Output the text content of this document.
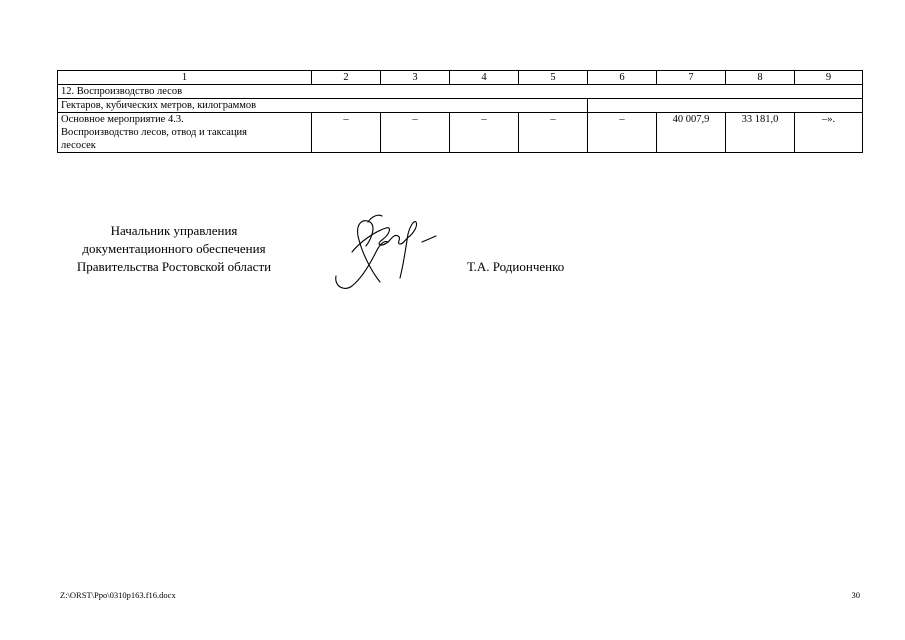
1	2	3	4	5	6	7	8	9
12. Воспроизводство лесов								
Гектаров, кубических метров, килограммов								

Основное мероприятие 4.3.
Воспроизводство лесов, отвод и таксация
лесосек	–	–	–	–	–	40 007,9	33 181,0	–».
Начальник управления
документационного обеспечения
Правительства Ростовской области	Т.А. Родионченко
Z:\ORST\Ppo\0310p163.f16.docx	30
